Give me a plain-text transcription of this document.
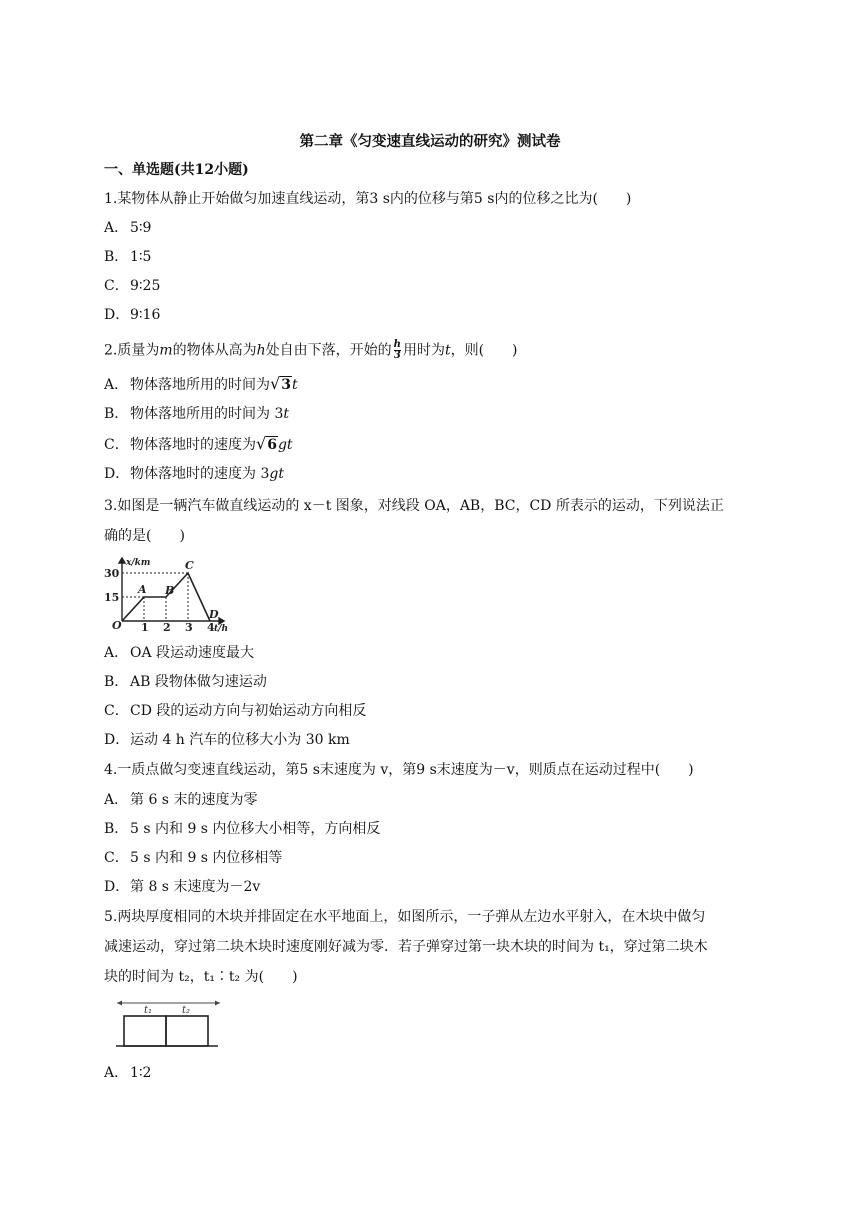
第二章《匀变速直线运动的研究》测试卷
一、单选题(共12小题)
1.某物体从静止开始做匀加速直线运动，第3 s内的位移与第5 s内的位移之比为(　　)
A． 5∶9
B． 1∶5
C．9∶25
D．9∶16
2.质量为m的物体从高为h处自由下落，开始的 $\frac{h}{3}$ 用时为t，则(　　)
A． 物体落地所用的时间为√3t
B． 物体落地所用的时间为 3t
C．物体落地时的速度为√6gt
D．物体落地时的速度为 3gt
3.如图是一辆汽车做直线运动的 x－t 图象，对线段 OA，AB，BC，CD 所表示的运动，下列说法正
确的是(　　)
x/km
30
15
O 1 2 3 4 t/h
A B
C
D
A． OA 段运动速度最大
B． AB 段物体做匀速运动
C．CD 段的运动方向与初始运动方向相反
D．运动 4 h 汽车的位移大小为 30 km
4.一质点做匀变速直线运动，第5 s末速度为 v，第9 s末速度为－v，则质点在运动过程中(　　)
A． 第 6 s 末的速度为零
B． 5 s 内和 9 s 内位移大小相等，方向相反
C．5 s 内和 9 s 内位移相等
D．第 8 s 末速度为－2v
5.两块厚度相同的木块并排固定在水平地面上，如图所示，一子弹从左边水平射入，在木块中做匀
减速运动，穿过第二块木块时速度刚好减为零．若子弹穿过第一块木块的时间为 t₁，穿过第二块木
块的时间为 t₂，t₁∶t₂ 为(　　)
t₁	t₂
A． 1∶2
